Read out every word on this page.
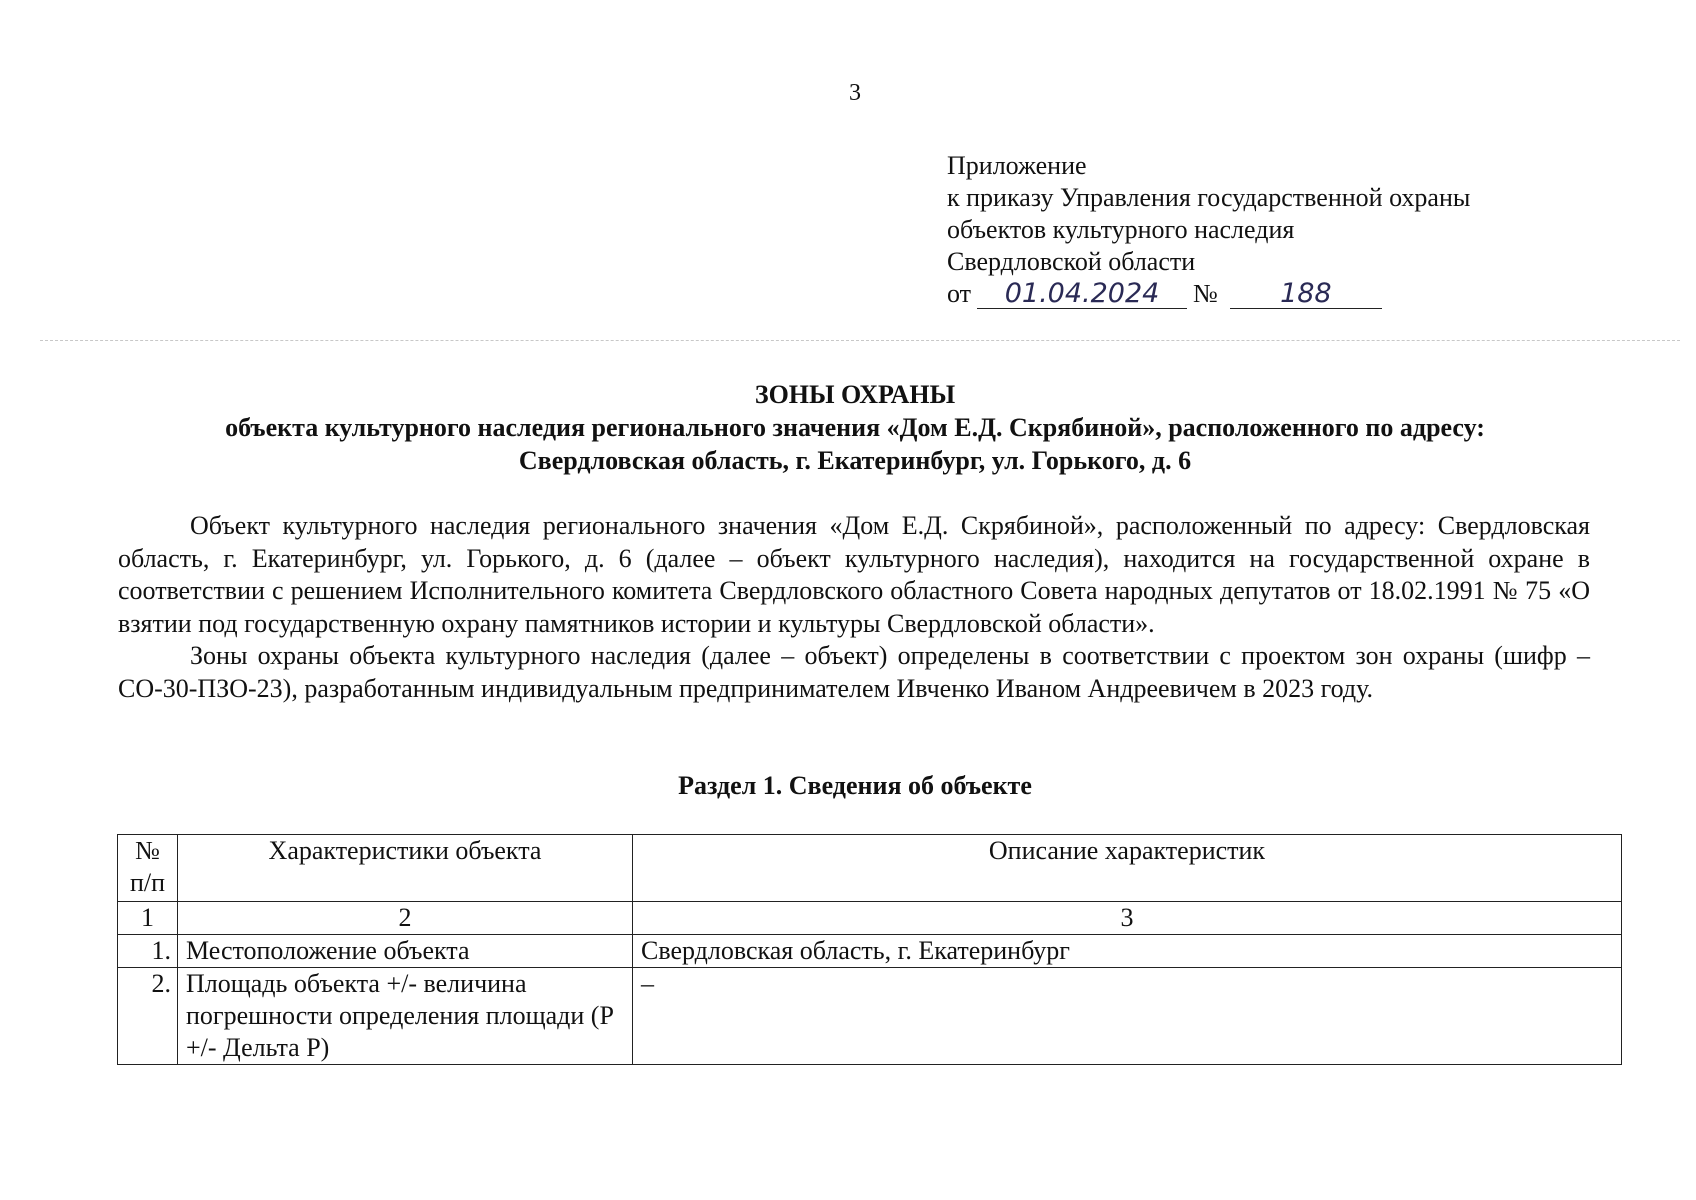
3
Приложение
к приказу Управления государственной охраны
объектов культурного наследия
Свердловской области
от 01.04.2024 № 188
ЗОНЫ ОХРАНЫ
объекта культурного наследия регионального значения «Дом Е.Д. Скрябиной», расположенного по адресу:
Свердловская область, г. Екатеринбург, ул. Горького, д. 6

Объект культурного наследия регионального значения «Дом Е.Д. Скрябиной», расположенный по адресу: Свердловская область, г. Екатеринбург, ул. Горького, д. 6 (далее – объект культурного наследия), находится на государственной охране в соответствии с решением Исполнительного комитета Свердловского областного Совета народных депутатов от 18.02.1991 № 75 «О взятии под государственную охрану памятников истории и культуры Свердловской области».

Зоны охраны объекта культурного наследия (далее – объект) определены в соответствии с проектом зон охраны (шифр – СО-30-ПЗО-23), разработанным индивидуальным предпринимателем Ивченко Иваном Андреевичем в 2023 году.

Раздел 1. Сведения об объекте
№ п/п	Характеристики объекта	Описание характеристик
1	2	3
1.	Местоположение объекта	Свердловская область, г. Екатеринбург
2.	Площадь объекта +/- величина погрешности определения площади (Р +/- Дельта Р)	–
